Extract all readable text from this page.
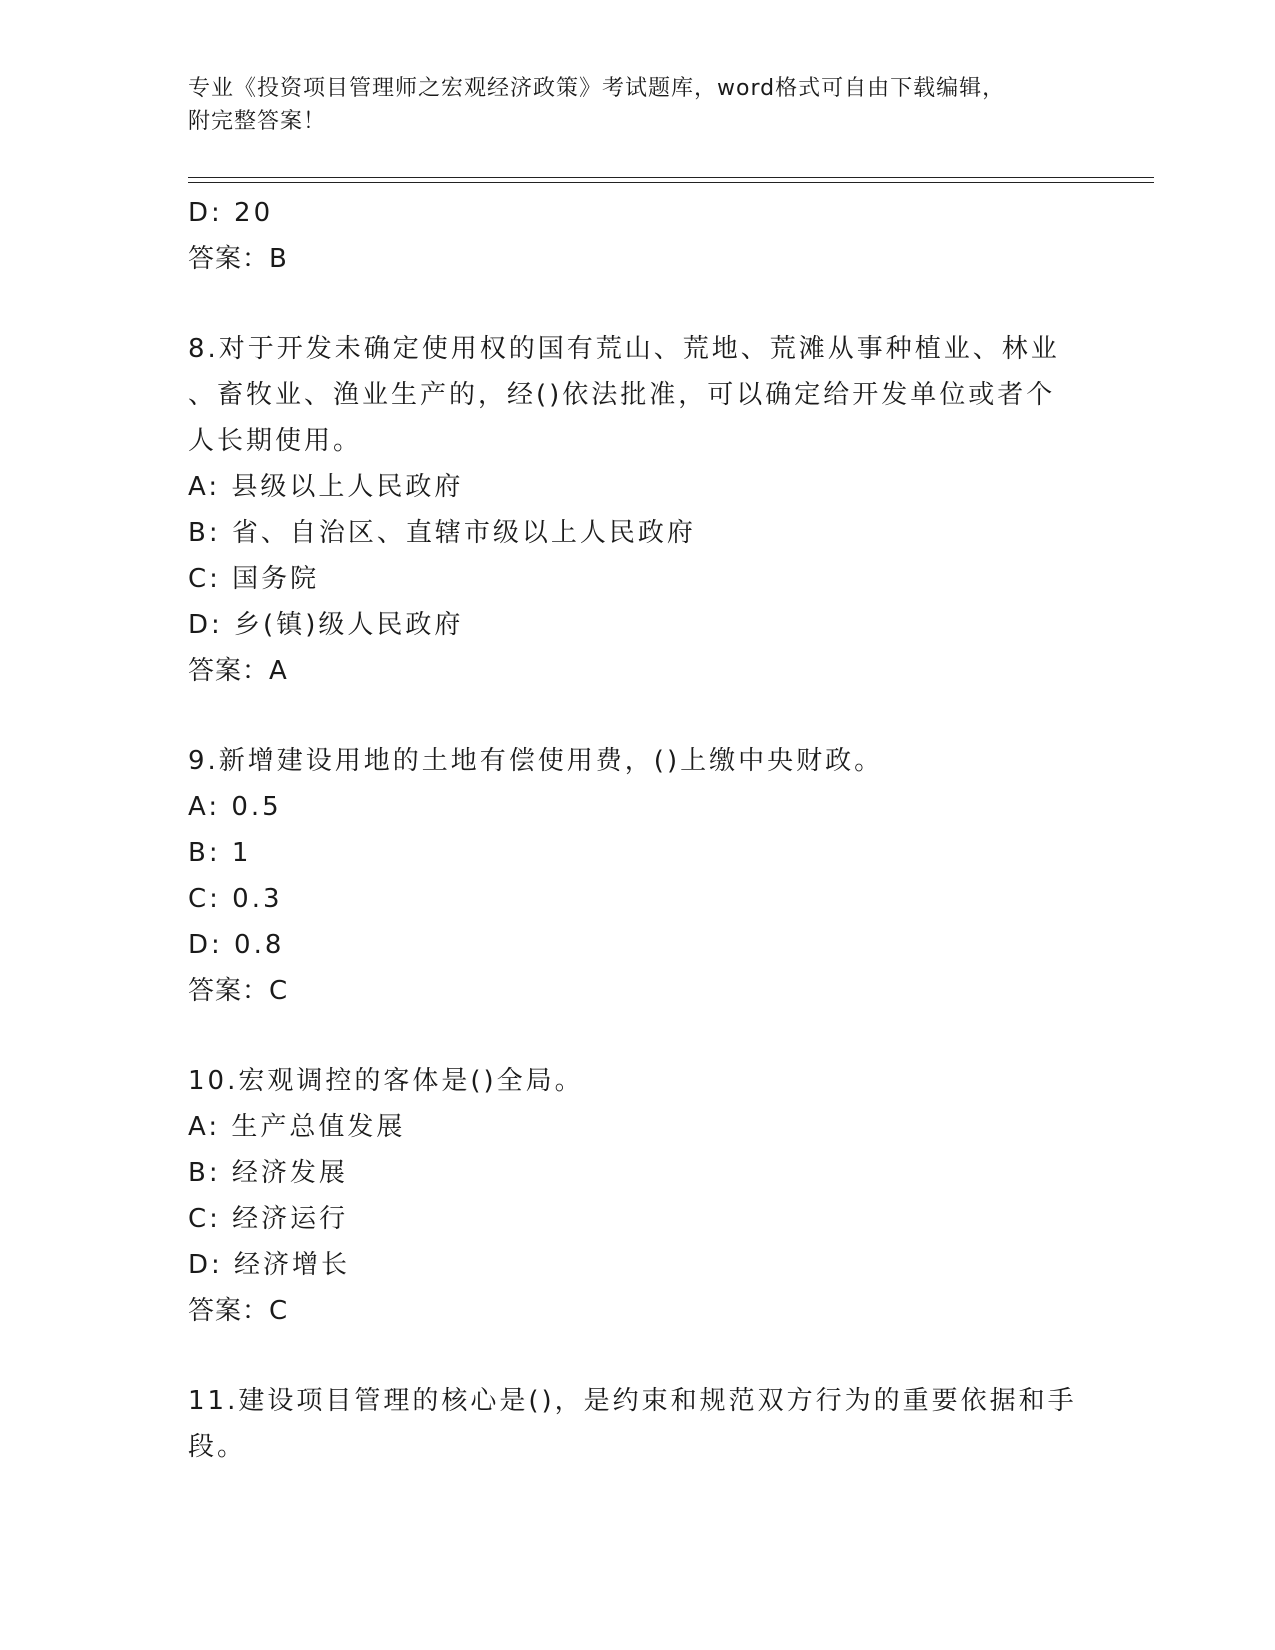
专业《投资项目管理师之宏观经济政策》考试题库，word格式可自由下载编辑，
附完整答案！
D: 20
答案：B
8.对于开发未确定使用权的国有荒山、荒地、荒滩从事种植业、林业
、畜牧业、渔业生产的，经()依法批准，可以确定给开发单位或者个
人长期使用。
A: 县级以上人民政府
B: 省、自治区、直辖市级以上人民政府
C: 国务院
D: 乡(镇)级人民政府
答案：A
9.新增建设用地的土地有偿使用费，()上缴中央财政。
A: 0.5
B: 1
C: 0.3
D: 0.8
答案：C
10.宏观调控的客体是()全局。
A: 生产总值发展
B: 经济发展
C: 经济运行
D: 经济增长
答案：C
11.建设项目管理的核心是()，是约束和规范双方行为的重要依据和手
段。
